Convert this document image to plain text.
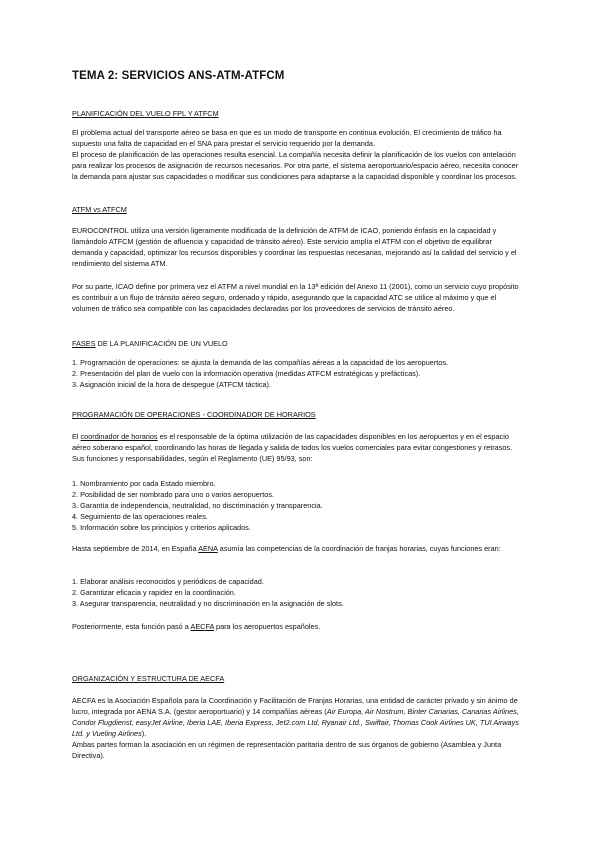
TEMA 2: SERVICIOS ANS-ATM-ATFCM
PLANIFICACIÓN DEL VUELO FPL Y ATFCM

El problema actual del transporte aéreo se basa en que es un modo de transporte en continua evolución. El crecimiento de tráfico ha supuesto una falta de capacidad en el SNA para prestar el servicio requerido por la demanda.

El proceso de planificación de las operaciones resulta esencial. La compañía necesita definir la planificación de los vuelos con antelación para realizar los procesos de asignación de recursos necesarios. Por otra parte, el sistema aeroportuario/espacio aéreo, necesita conocer la demanda para ajustar sus capacidades o modificar sus condiciones para adaptarse a la capacidad disponible y coordinar los procesos.

ATFM vs ATFCM

EUROCONTROL utiliza una versión ligeramente modificada de la definición de ATFM de ICAO, poniendo énfasis en la capacidad y llamándolo ATFCM (gestión de afluencia y capacidad de tránsito aéreo). Este servicio amplía el ATFM con el objetivo de equilibrar demanda y capacidad, optimizar los recursos disponibles y coordinar las respuestas necesarias, mejorando así la calidad del servicio y el rendimiento del sistema ATM.

Por su parte, ICAO define por primera vez el ATFM a nivel mundial en la 13ª edición del Anexo 11 (2001), como un servicio cuyo propósito es contribuir a un flujo de tránsito aéreo seguro, ordenado y rápido, asegurando que la capacidad ATC se utilice al máximo y que el volumen de tráfico sea compatible con las capacidades declaradas por los proveedores de servicios de tránsito aéreo.

FASES DE LA PLANIFICACIÓN DE UN VUELO
1. Programación de operaciones: se ajusta la demanda de las compañías aéreas a la capacidad de los aeropuertos.
2. Presentación del plan de vuelo con la información operativa (medidas ATFCM estratégicas y prefácticas).
3. Asignación inicial de la hora de despegue (ATFCM táctica).
PROGRAMACIÓN DE OPERACIONES - COORDINADOR DE HORARIOS

El coordinador de horarios es el responsable de la óptima utilización de las capacidades disponibles en los aeropuertos y en el espacio aéreo soberano español, coordinando las horas de llegada y salida de todos los vuelos comerciales para evitar congestiones y retrasos. Sus funciones y responsabilidades, según el Reglamento (UE) 95/93, son:

1. Nombramiento por cada Estado miembro.
2. Posibilidad de ser nombrado para uno o varios aeropuertos.
3. Garantía de independencia, neutralidad, no discriminación y transparencia.
4. Seguimiento de las operaciones reales.
5. Información sobre los principios y criterios aplicados.

Hasta septiembre de 2014, en España AENA asumía las competencias de la coordinación de franjas horarias, cuyas funciones eran:

1. Elaborar análisis reconocidos y periódicos de capacidad.
2. Garantizar eficacia y rapidez en la coordinación.
3. Asegurar transparencia, neutralidad y no discriminación en la asignación de slots.

Posteriormente, esta función pasó a AECFA para los aeropuertos españoles.

ORGANIZACIÓN Y ESTRUCTURA DE AECFA

AECFA es la Asociación Española para la Coordinación y Facilitación de Franjas Horarias, una entidad de carácter privado y sin ánimo de lucro, integrada por AENA S.A. (gestor aeroportuario) y 14 compañías aéreas (Air Europa, Air Nostrum, Binter Canarias, Canarias Airlines, Condor Flugdienst, easyJet Airline, Iberia LAE, Iberia Express, Jet2.com Ltd, Ryanair Ltd., Swiftair, Thomas Cook Airlines UK, TUI Airways Ltd. y Vueling Airlines).

Ambas partes forman la asociación en un régimen de representación paritaria dentro de sus órganos de gobierno (Asamblea y Junta Directiva).
